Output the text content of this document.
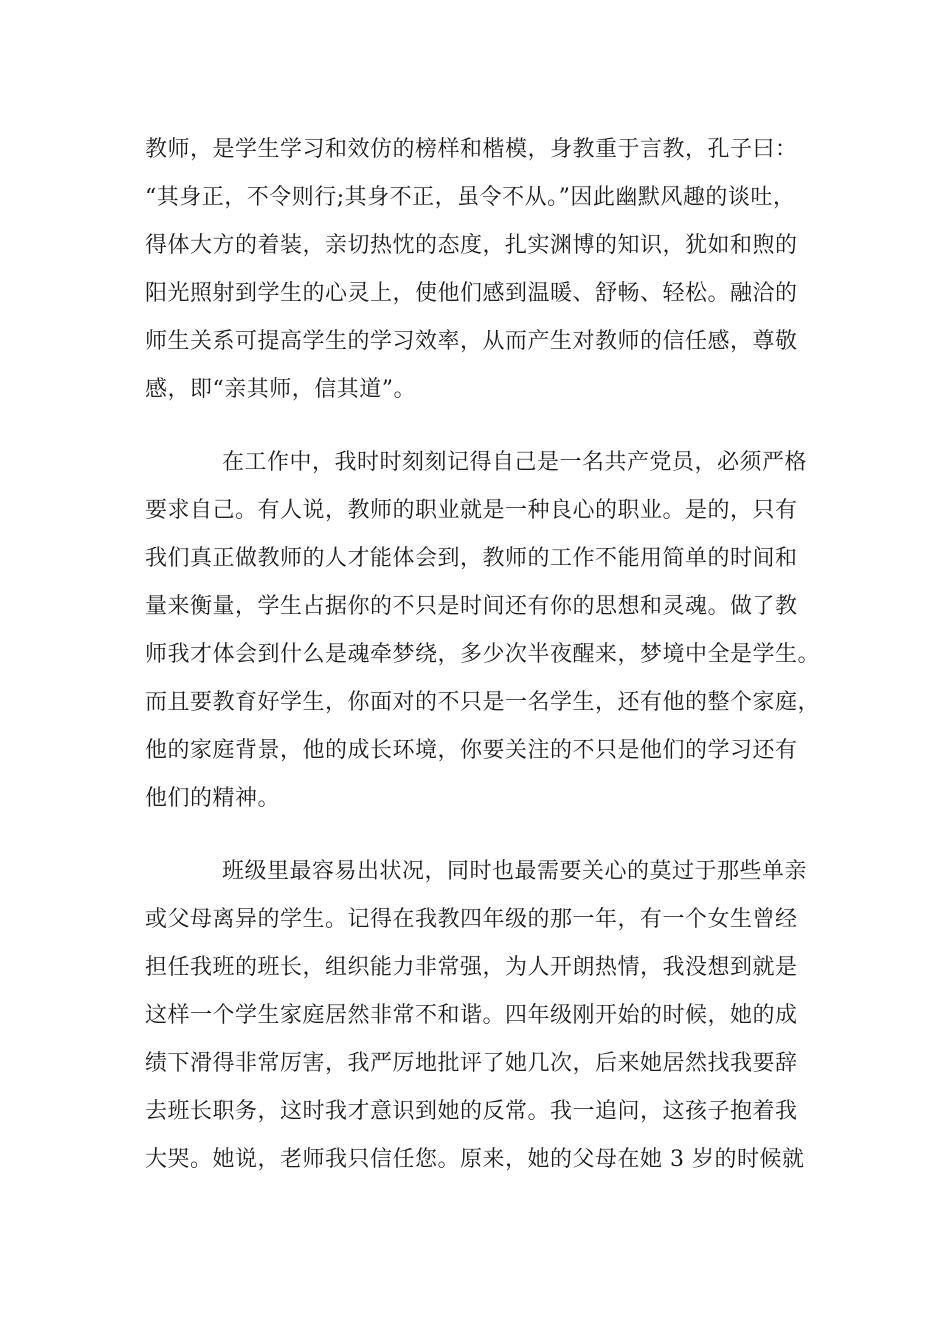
教师，是学生学习和效仿的榜样和楷模，身教重于言教，孔子曰：
“其身正，不令则行;其身不正，虽令不从。”因此幽默风趣的谈吐，
得体大方的着装，亲切热忱的态度，扎实渊博的知识，犹如和煦的
阳光照射到学生的心灵上，使他们感到温暖、舒畅、轻松。融洽的
师生关系可提高学生的学习效率，从而产生对教师的信任感，尊敬
感，即“亲其师，信其道”。
在工作中，我时时刻刻记得自己是一名共产党员，必须严格
要求自己。有人说，教师的职业就是一种良心的职业。是的，只有
我们真正做教师的人才能体会到，教师的工作不能用简单的时间和
量来衡量，学生占据你的不只是时间还有你的思想和灵魂。做了教
师我才体会到什么是魂牵梦绕，多少次半夜醒来，梦境中全是学生。
而且要教育好学生，你面对的不只是一名学生，还有他的整个家庭，
他的家庭背景，他的成长环境，你要关注的不只是他们的学习还有
他们的精神。
班级里最容易出状况，同时也最需要关心的莫过于那些单亲
或父母离异的学生。记得在我教四年级的那一年，有一个女生曾经
担任我班的班长，组织能力非常强，为人开朗热情，我没想到就是
这样一个学生家庭居然非常不和谐。四年级刚开始的时候，她的成
绩下滑得非常厉害，我严厉地批评了她几次，后来她居然找我要辞
去班长职务，这时我才意识到她的反常。我一追问，这孩子抱着我
大哭。她说，老师我只信任您。原来，她的父母在她 3 岁的时候就
